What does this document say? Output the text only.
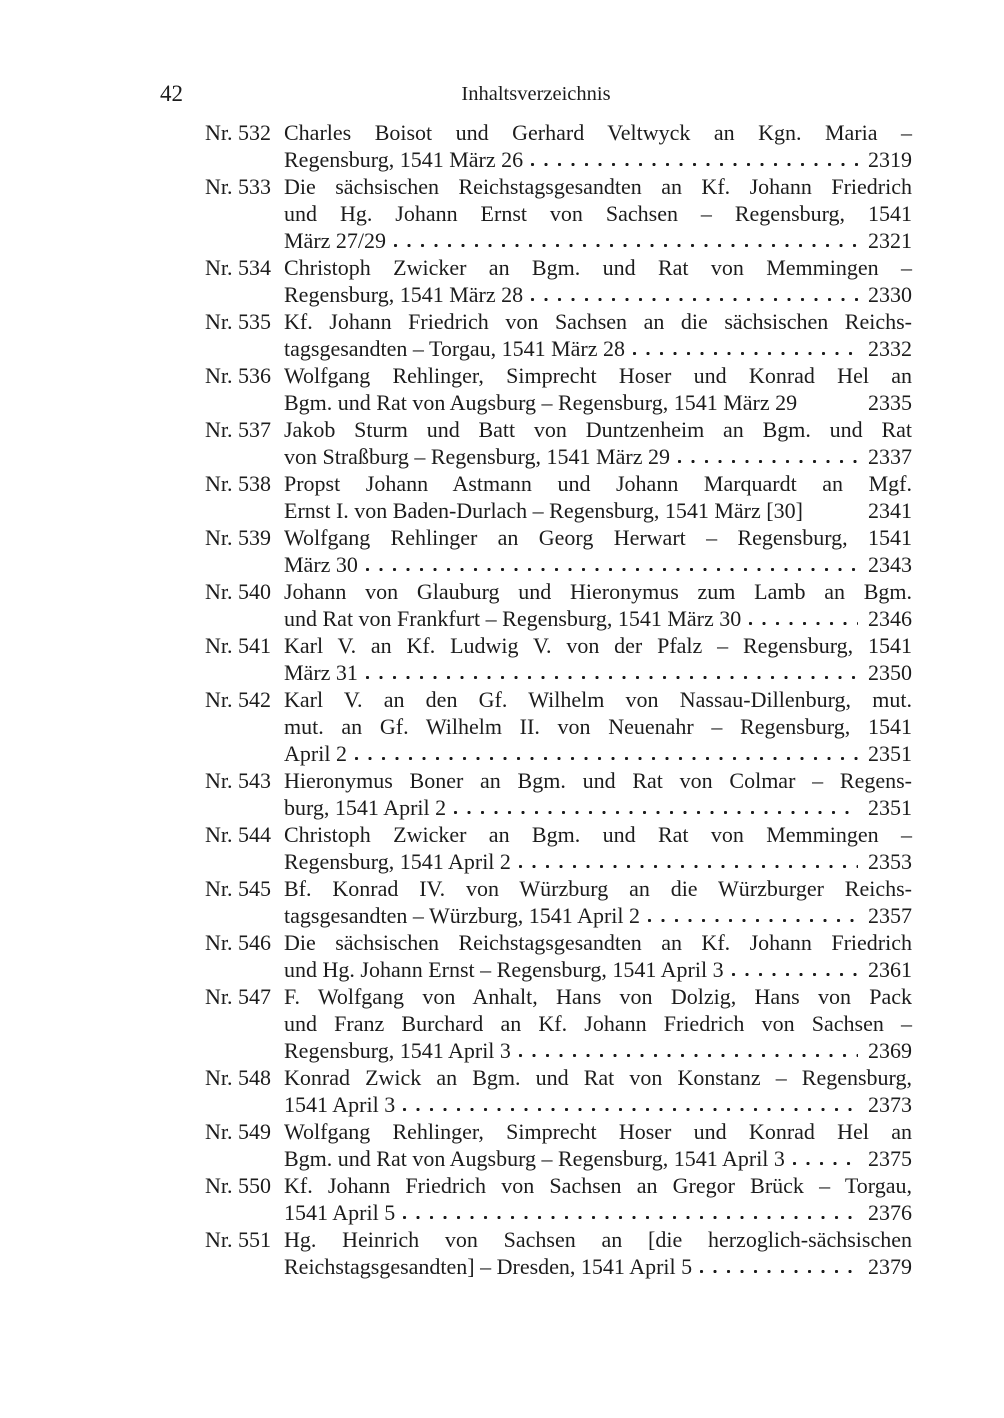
42	Inhaltsverzeichnis
Nr. 532 Charles Boisot und Gerhard Veltwyck an Kgn. Maria –
Regensburg, 1541 März 26	2319
Nr. 533 Die sächsischen Reichstagsgesandten an Kf. Johann Friedrich
und Hg. Johann Ernst von Sachsen – Regensburg, 1541
März 27/29	2321
Nr. 534 Christoph Zwicker an Bgm. und Rat von Memmingen –
Regensburg, 1541 März 28	2330
Nr. 535 Kf. Johann Friedrich von Sachsen an die sächsischen Reichs-
tagsgesandten – Torgau, 1541 März 28	2332
Nr. 536 Wolfgang Rehlinger, Simprecht Hoser und Konrad Hel an
Bgm. und Rat von Augsburg – Regensburg, 1541 März 29	2335
Nr. 537 Jakob Sturm und Batt von Duntzenheim an Bgm. und Rat
von Straßburg – Regensburg, 1541 März 29	2337
Nr. 538 Propst Johann Astmann und Johann Marquardt an Mgf.
Ernst I. von Baden-Durlach – Regensburg, 1541 März [30]	2341
Nr. 539 Wolfgang Rehlinger an Georg Herwart – Regensburg, 1541
März 30	2343
Nr. 540 Johann von Glauburg und Hieronymus zum Lamb an Bgm.
und Rat von Frankfurt – Regensburg, 1541 März 30	2346
Nr. 541 Karl V. an Kf. Ludwig V. von der Pfalz – Regensburg, 1541
März 31	2350
Nr. 542 Karl V. an den Gf. Wilhelm von Nassau-Dillenburg, mut.
mut. an Gf. Wilhelm II. von Neuenahr – Regensburg, 1541
April 2	2351
Nr. 543 Hieronymus Boner an Bgm. und Rat von Colmar – Regens-
burg, 1541 April 2	2351
Nr. 544 Christoph Zwicker an Bgm. und Rat von Memmingen –
Regensburg, 1541 April 2	2353
Nr. 545 Bf. Konrad IV. von Würzburg an die Würzburger Reichs-
tagsgesandten – Würzburg, 1541 April 2	2357
Nr. 546 Die sächsischen Reichstagsgesandten an Kf. Johann Friedrich
und Hg. Johann Ernst – Regensburg, 1541 April 3	2361
Nr. 547 F. Wolfgang von Anhalt, Hans von Dolzig, Hans von Pack
und Franz Burchard an Kf. Johann Friedrich von Sachsen –
Regensburg, 1541 April 3	2369
Nr. 548 Konrad Zwick an Bgm. und Rat von Konstanz – Regensburg,
1541 April 3	2373
Nr. 549 Wolfgang Rehlinger, Simprecht Hoser und Konrad Hel an
Bgm. und Rat von Augsburg – Regensburg, 1541 April 3	2375
Nr. 550 Kf. Johann Friedrich von Sachsen an Gregor Brück – Torgau,
1541 April 5	2376
Nr. 551 Hg. Heinrich von Sachsen an [die herzoglich-sächsischen
Reichstagsgesandten] – Dresden, 1541 April 5	2379
